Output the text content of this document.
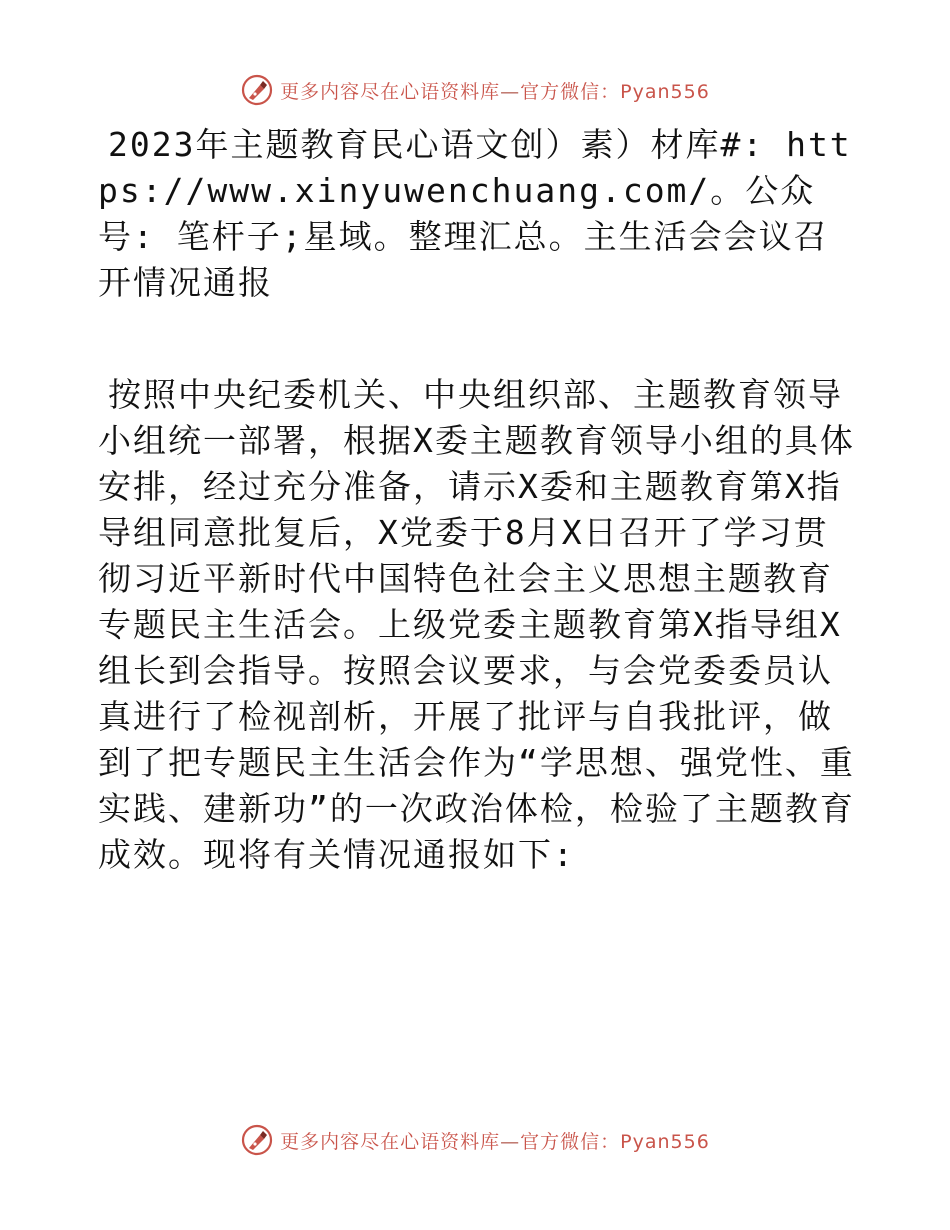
更多内容尽在心语资料库—官方微信：Pyan556

2023年主题教育民心语文创）素）材库#: https://www.xinyuwenchuang.com/。公众号: 笔杆子;星域。整理汇总。主生活会会议召开情况通报

按照中央纪委机关、中央组织部、主题教育领导小组统一部署，根据X委主题教育领导小组的具体安排，经过充分准备，请示X委和主题教育第X指导组同意批复后，X党委于8月X日召开了学习贯彻习近平新时代中国特色社会主义思想主题教育专题民主生活会。上级党委主题教育第X指导组X组长到会指导。按照会议要求，与会党委委员认真进行了检视剖析，开展了批评与自我批评，做到了把专题民主生活会作为“学思想、强党性、重实践、建新功”的一次政治体检，检验了主题教育成效。现将有关情况通报如下:

更多内容尽在心语资料库—官方微信：Pyan556
